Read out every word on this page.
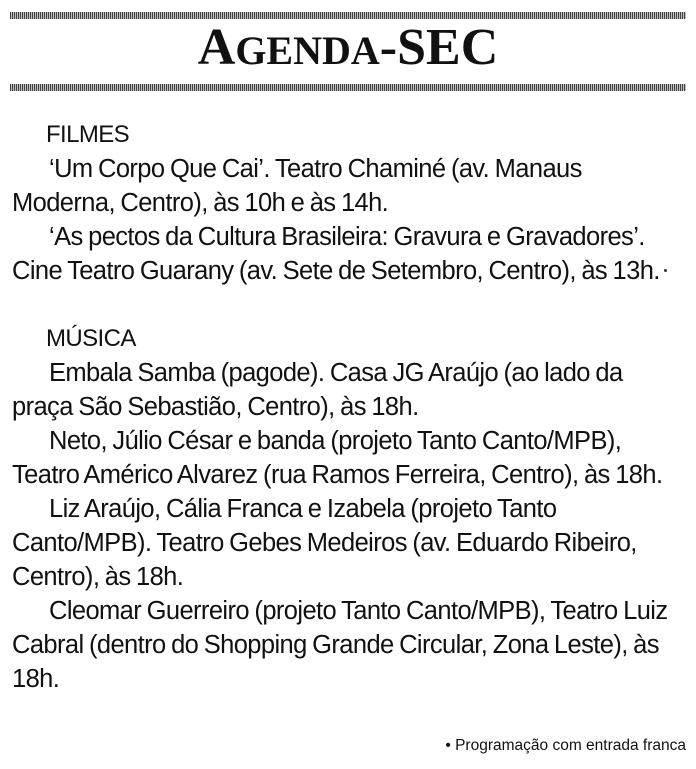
AGENDA-SEC
FILMES
‘Um Corpo Que Cai’. Teatro Chaminé (av. Manaus Moderna, Centro), às 10h e às 14h.
‘As pectos da Cultura Brasileira: Gravura e Gravadores’. Cine Teatro Guarany (av. Sete de Setembro, Centro), às 13h.
MÚSICA
Embala Samba (pagode). Casa JG Araújo (ao lado da praça São Sebastião, Centro), às 18h.
Neto, Júlio César e banda (projeto Tanto Canto/MPB), Teatro Américo Alvarez (rua Ramos Ferreira, Centro), às 18h.
Liz Araújo, Cália Franca e Izabela (projeto Tanto Canto/MPB). Teatro Gebes Medeiros (av. Eduardo Ribeiro, Centro), às 18h.
Cleomar Guerreiro (projeto Tanto Canto/MPB), Teatro Luiz Cabral (dentro do Shopping Grande Circular, Zona Leste), às 18h.
• Programação com entrada franca
